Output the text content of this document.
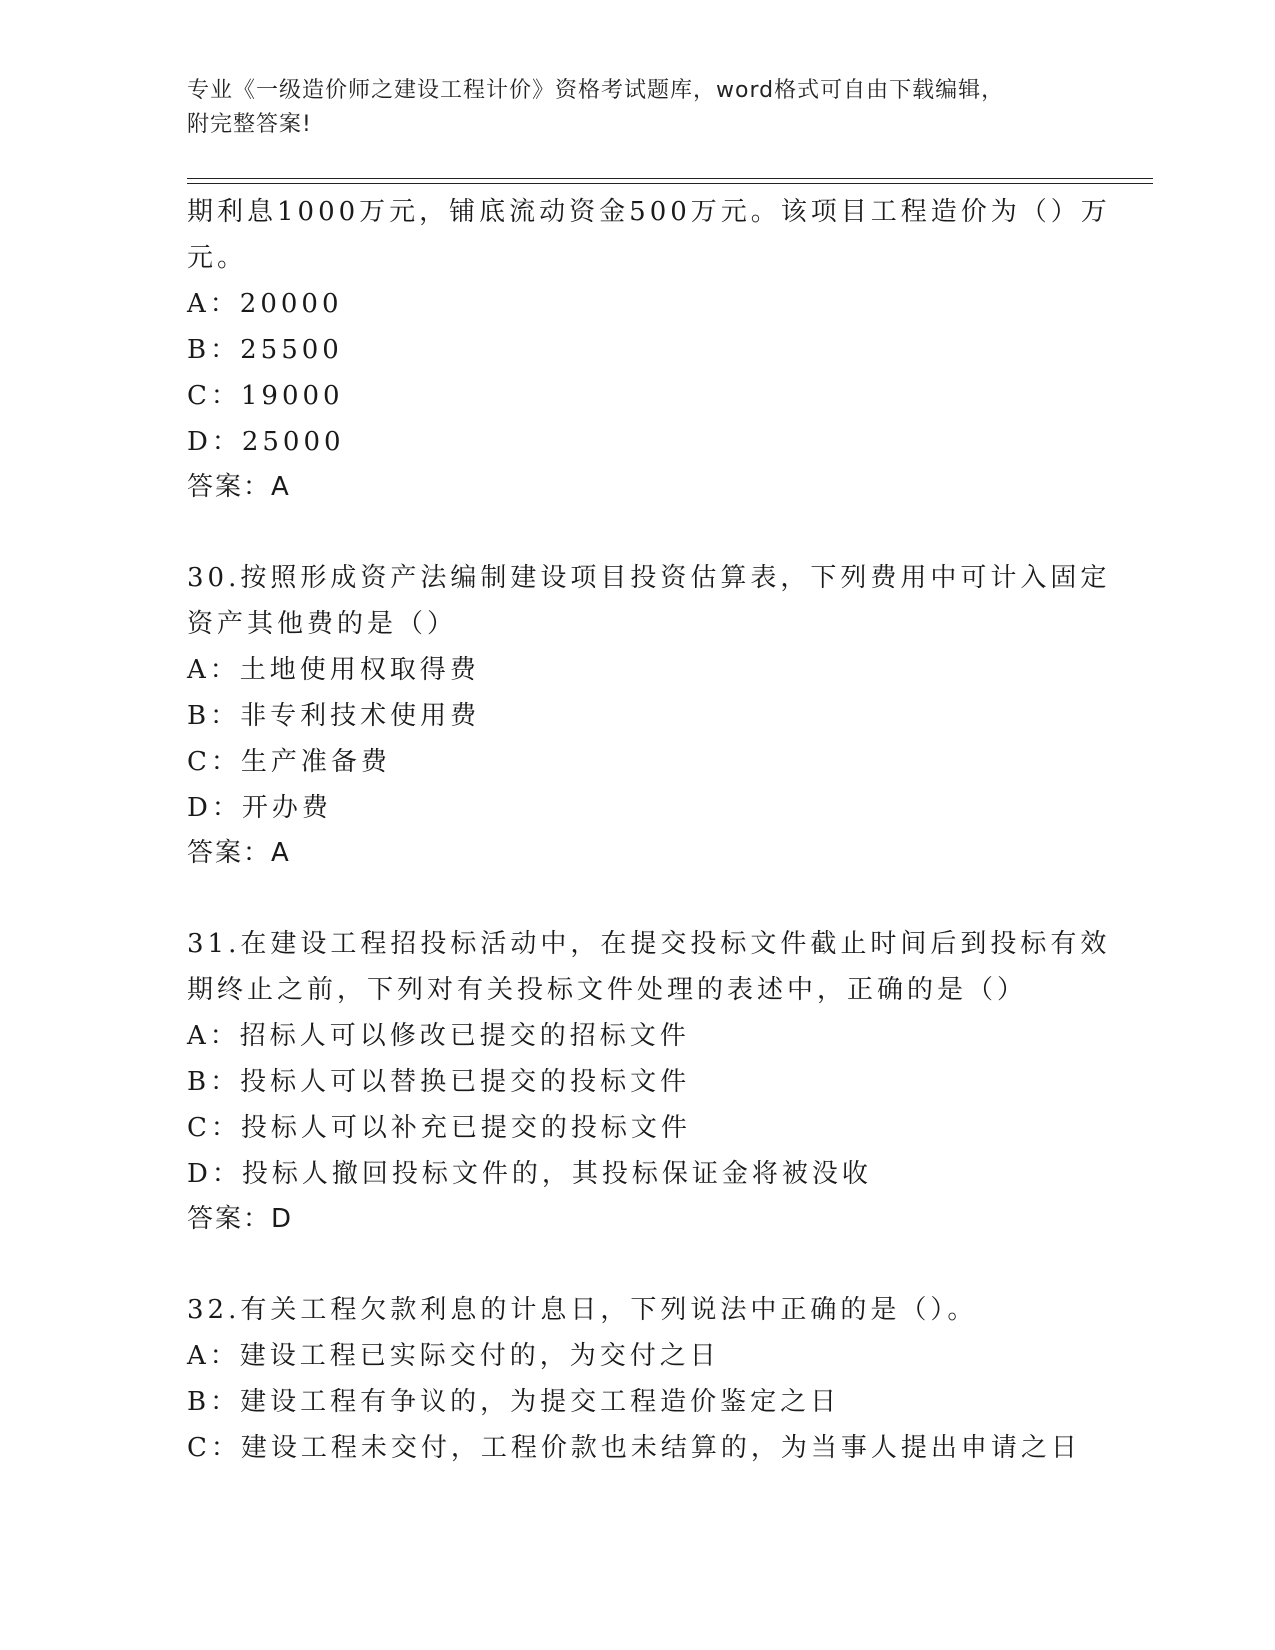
专业《一级造价师之建设工程计价》资格考试题库，word格式可自由下载编辑，
附完整答案!
期利息1000万元，铺底流动资金500万元。该项目工程造价为（）万
元。
A：20000
B：25500
C：19000
D：25000
答案：A
30.按照形成资产法编制建设项目投资估算表，下列费用中可计入固定
资产其他费的是（）
A：土地使用权取得费
B：非专利技术使用费
C：生产准备费
D：开办费
答案：A
31.在建设工程招投标活动中，在提交投标文件截止时间后到投标有效
期终止之前，下列对有关投标文件处理的表述中，正确的是（）
A：招标人可以修改已提交的招标文件
B：投标人可以替换已提交的投标文件
C：投标人可以补充已提交的投标文件
D：投标人撤回投标文件的，其投标保证金将被没收
答案：D
32.有关工程欠款利息的计息日，下列说法中正确的是（）。
A：建设工程已实际交付的，为交付之日
B：建设工程有争议的，为提交工程造价鉴定之日
C：建设工程未交付，工程价款也未结算的，为当事人提出申请之日
